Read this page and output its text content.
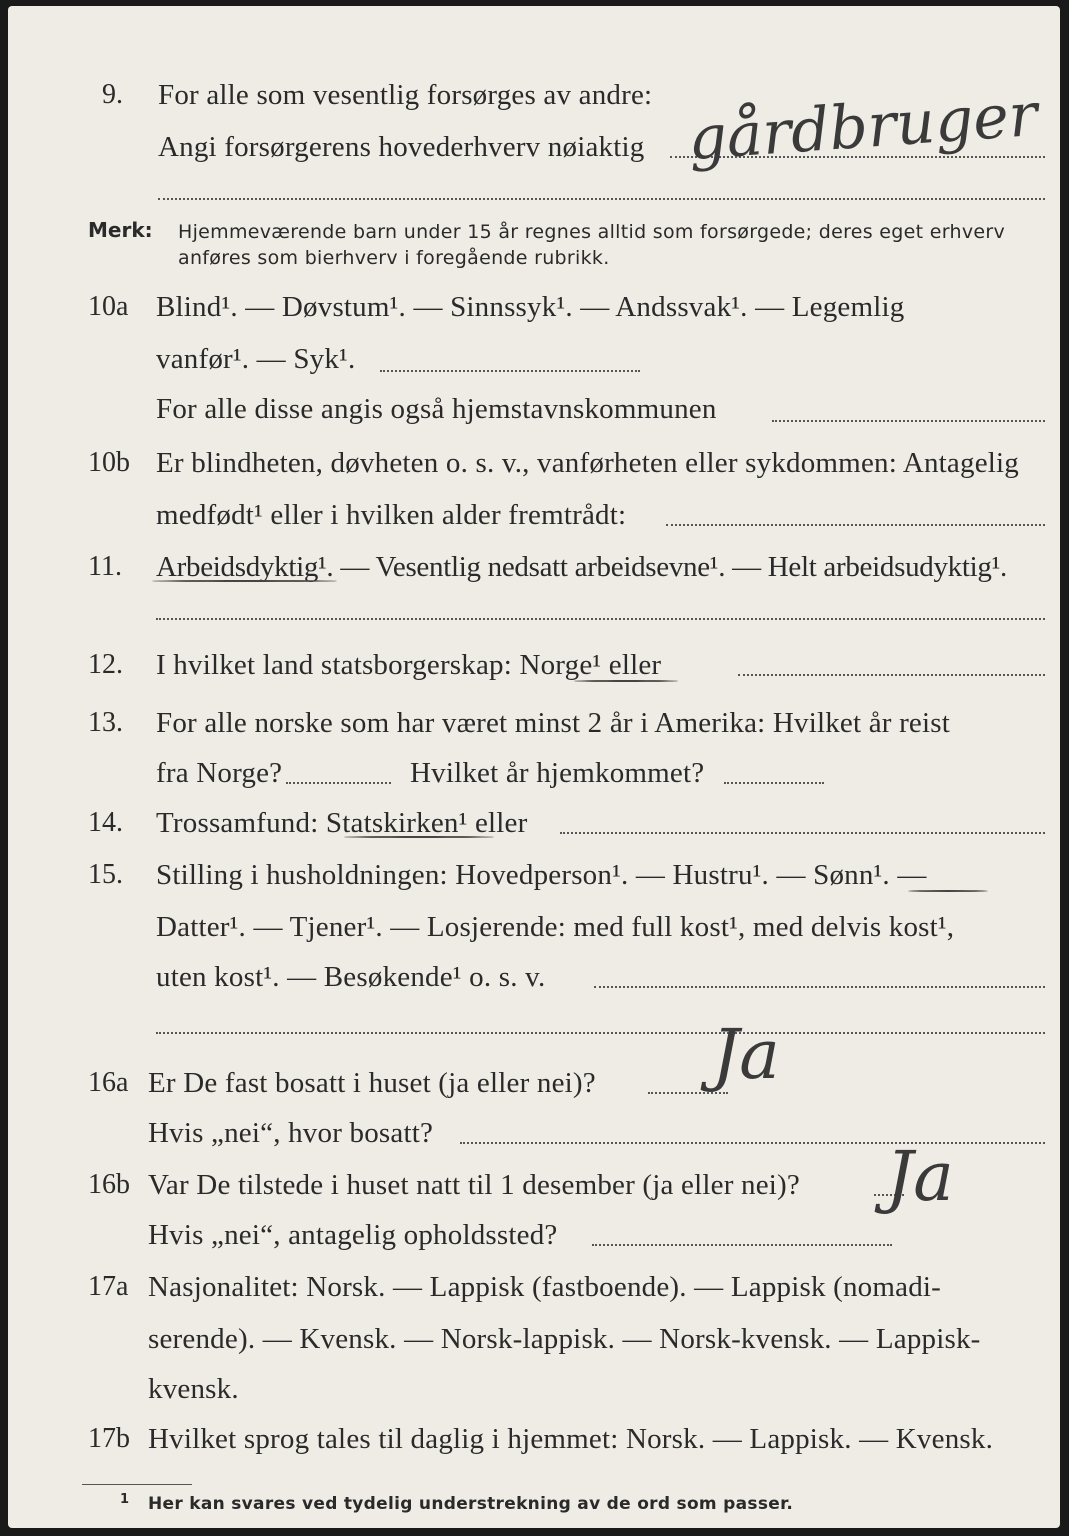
9. For alle som vesentlig forsørges av andre:
Angi forsørgerens hovederhverv nøiaktig gårdbruger
Merk: Hjemmeværende barn under 15 år regnes alltid som forsørgede; deres eget erhverv
anføres som bierhverv i foregående rubrikk.
10a Blind¹. — Døvstum¹. — Sinnssyk¹. — Andssvak¹. — Legemlig
vanfør¹. — Syk¹.
For alle disse angis også hjemstavnskommunen
10b Er blindheten, døvheten o. s. v., vanførheten eller sykdommen: Antagelig
medfødt¹ eller i hvilken alder fremtrådt:
11. Arbeidsdyktig¹. — Vesentlig nedsatt arbeidsevne¹. — Helt arbeidsudyktig¹.
12. I hvilket land statsborgerskap: Norge¹ eller
13. For alle norske som har været minst 2 år i Amerika: Hvilket år reist
fra Norge?	Hvilket år hjemkommet?
14. Trossamfund: Statskirken¹ eller
15. Stilling i husholdningen: Hovedperson¹. — Hustru¹. — Sønn¹. —
Datter¹. — Tjener¹. — Losjerende: med full kost¹, med delvis kost¹,
uten kost¹. — Besøkende¹ o. s. v.
16a Er De fast bosatt i huset (ja eller nei)? Ja
Hvis „nei“, hvor bosatt?
16b Var De tilstede i huset natt til 1 desember (ja eller nei)? Ja
Hvis „nei“, antagelig opholdssted?
17a Nasjonalitet: Norsk. — Lappisk (fastboende). — Lappisk (nomadi-
serende). — Kvensk. — Norsk-lappisk. — Norsk-kvensk. — Lappisk-
kvensk.
17b Hvilket sprog tales til daglig i hjemmet: Norsk. — Lappisk. — Kvensk.
1 Her kan svares ved tydelig understrekning av de ord som passer.
